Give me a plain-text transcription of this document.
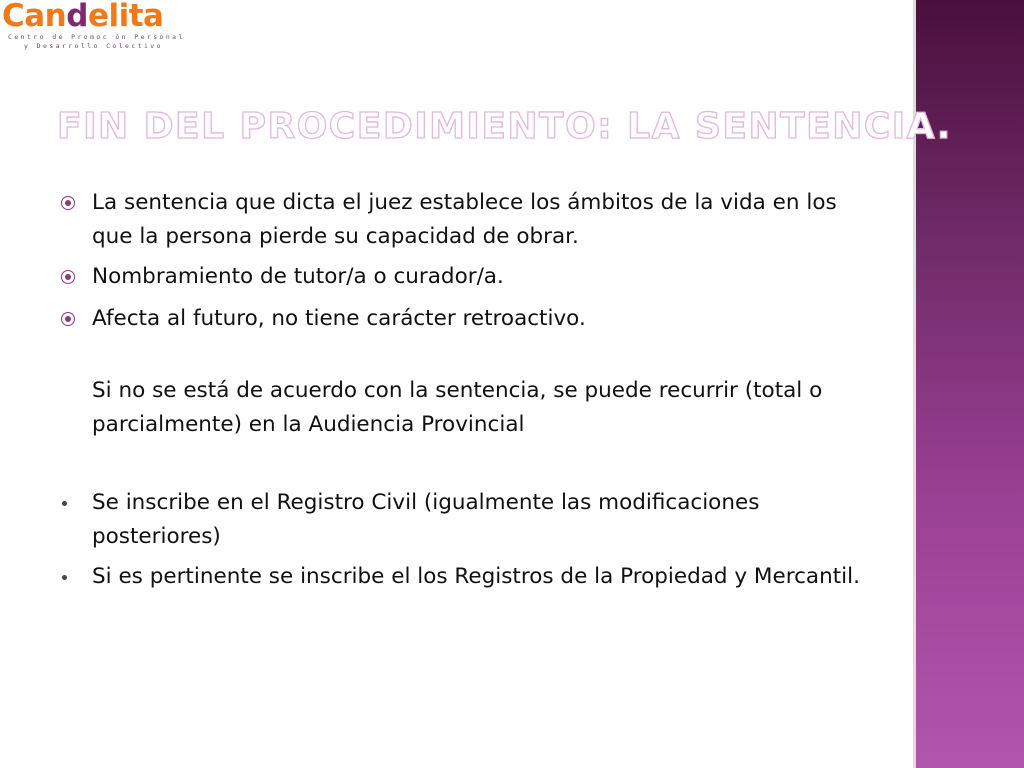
Candelita
Centro de Promoc ón Personal
y Desarrollo Colectivo
FIN DEL PROCEDIMIENTO: LA SENTENCIA.
La sentencia que dicta el juez establece los ámbitos de la vida en los que la persona pierde su capacidad de obrar.
Nombramiento de tutor/a o curador/a.
Afecta al futuro, no tiene carácter retroactivo.
Si no se está de acuerdo con la sentencia, se puede recurrir (total o parcialmente) en la Audiencia Provincial
Se inscribe en el Registro Civil (igualmente las modificaciones posteriores)
Si es pertinente se inscribe el los Registros de la Propiedad y Mercantil.
